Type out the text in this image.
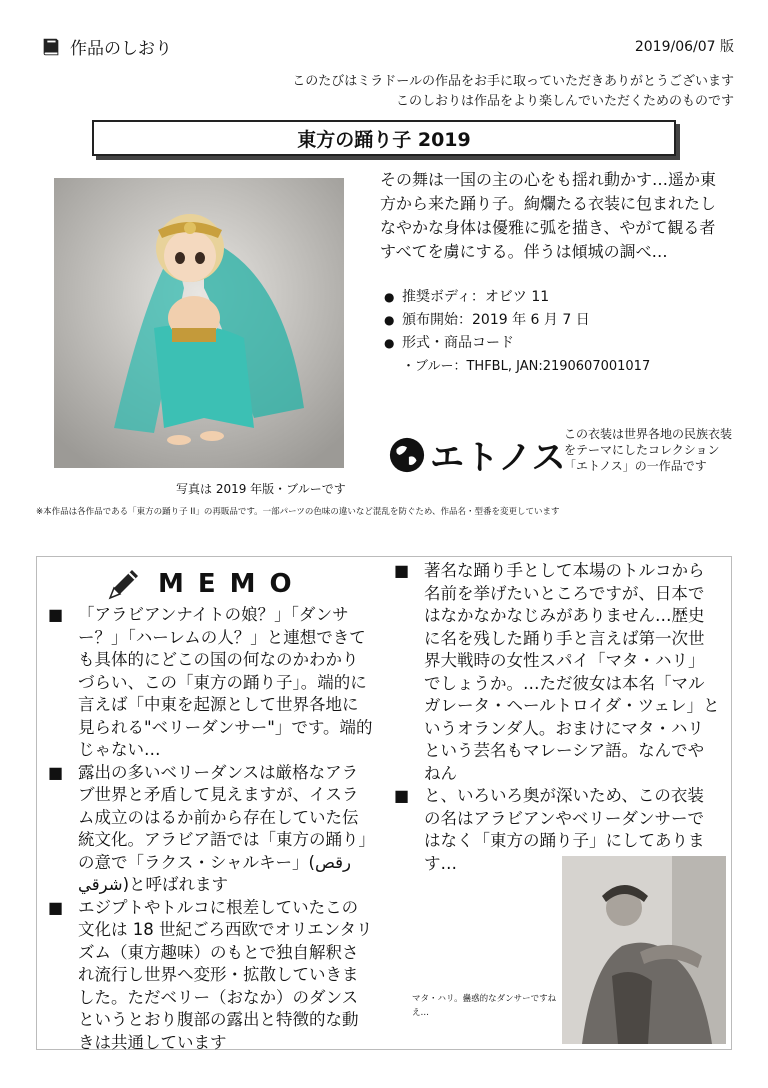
作品のしおり	2019/06/07 版
このたびはミラドールの作品をお手に取っていただきありがとうございます
このしおりは作品をより楽しんでいただくためのものです
東方の踊り子 2019
写真は 2019 年版・ブルーです
その舞は一国の主の心をも揺れ動かす…遥か東方から来た踊り子。絢爛たる衣装に包まれたしなやかな身体は優雅に弧を描き、やがて観る者すべてを虜にする。伴うは傾城の調べ…
● 推奨ボディ：オビツ 11
● 頒布開始：2019 年 6 月 7 日
● 形式・商品コード
・ブルー：THFBL, JAN:2190607001017
エトノス
この衣装は世界各地の民族衣装をテーマにしたコレクション「エトノス」の一作品です
※本作品は各作品である「東方の踊り子 II」の再販品です。一部パーツの色味の違いなど混乱を防ぐため、作品名・型番を変更しています
M E M O
■ 「アラビアンナイトの娘？」「ダンサー？」「ハーレムの人？」と連想できても具体的にどこの国の何なのかわかりづらい、この「東方の踊り子」。端的に言えば「中東を起源として世界各地に見られる"ベリーダンサー"」です。端的じゃない…
■ 露出の多いベリーダンスは厳格なアラブ世界と矛盾して見えますが、イスラム成立のはるか前から存在していた伝統文化。アラビア語では「東方の踊り」の意で「ラクス・シャルキー」(رقص شرقي)と呼ばれます
■ エジプトやトルコに根差していたこの文化は 18 世紀ごろ西欧でオリエンタリズム（東方趣味）のもとで独自解釈され流行し世界へ変形・拡散していきました。ただベリー（おなか）のダンスというとおり腹部の露出と特徴的な動きは共通しています
■ 著名な踊り手として本場のトルコから名前を挙げたいところですが、日本ではなかなかなじみがありません…歴史に名を残した踊り手と言えば第一次世界大戦時の女性スパイ「マタ・ハリ」でしょうか。…ただ彼女は本名「マルガレータ・ヘールトロイダ・ツェレ」というオランダ人。おまけにマタ・ハリという芸名もマレーシア語。なんでやねん
■ と、いろいろ奥が深いため、この衣装の名はアラビアンやベリーダンサーではなく「東方の踊り子」にしてあります…
マタ・ハリ。蠱惑的なダンサーですねえ…
